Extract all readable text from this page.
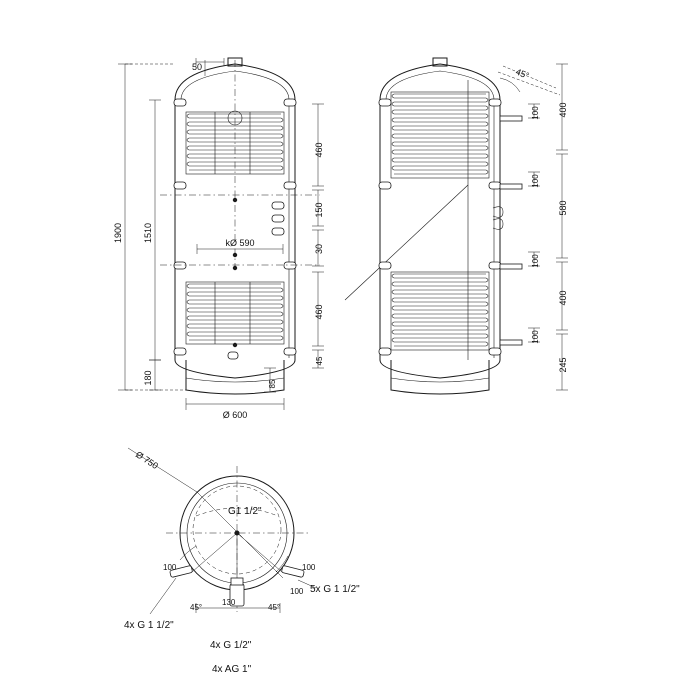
50
1900 1510
180
460
150
30
460
45
85
Ø 600
kØ 590
45°
100
100
100
100
400
580
400
245
Ø 750
G1 1/2"
100	100
45°	45°
130
100 5x G 1 1/2"
4x G 1 1/2"
4x G 1/2"
4x AG 1"
